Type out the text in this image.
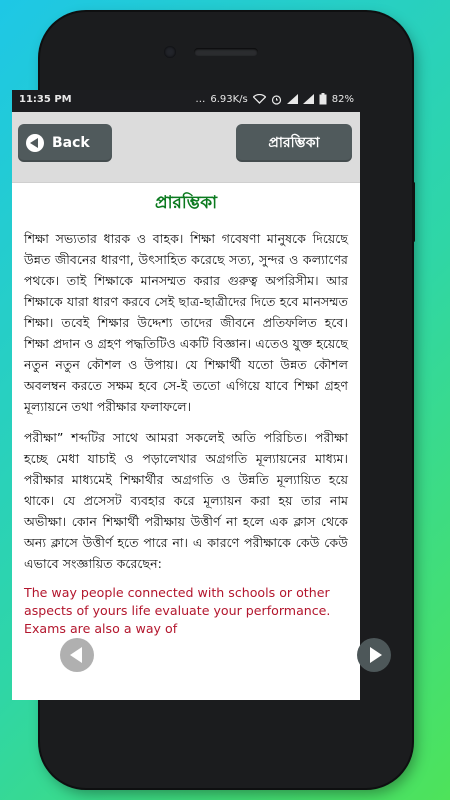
11:35 PM	… 6.93K/s	82%
Back	প্রারম্ভিকা
প্রারম্ভিকা

শিক্ষা সভ্যতার ধারক ও বাহক। শিক্ষা গবেষণা মানুষকে দিয়েছে উন্নত জীবনের ধারণা, উৎসাহিত করেছে সত্য, সুন্দর ও কল্যাণের পথকে। তাই শিক্ষাকে মানসম্মত করার গুরুত্ব অপরিসীম। আর শিক্ষাকে যারা ধারণ করবে সেই ছাত্র-ছাত্রীদের দিতে হবে মানসম্মত শিক্ষা। তবেই শিক্ষার উদ্দেশ্য তাদের জীবনে প্রতিফলিত হবে। শিক্ষা প্রদান ও গ্রহণ পদ্ধতিটিও একটি বিজ্ঞান। এতেও যুক্ত হয়েছে নতুন নতুন কৌশল ও উপায়। যে শিক্ষার্থী যতো উন্নত কৌশল অবলম্বন করতে সক্ষম হবে সে-ই ততো এগিয়ে যাবে শিক্ষা গ্রহণ মূল্যায়নে তথা পরীক্ষার ফলাফলে।

পরীক্ষা” শব্দটির সাথে আমরা সকলেই অতি পরিচিত। পরীক্ষা হচ্ছে মেধা যাচাই ও পড়ালেখার অগ্রগতি মূল্যায়নের মাধ্যম। পরীক্ষার মাধ্যমেই শিক্ষার্থীর অগ্রগতি ও উন্নতি মূল্যায়িত হয়ে থাকে। যে প্রসেসট ব্যবহার করে মূল্যায়ন করা হয় তার নাম অভীক্ষা। কোন শিক্ষার্থী পরীক্ষায় উত্তীর্ণ না হলে এক ক্লাস থেকে অন্য ক্লাসে উত্তীর্ণ হতে পারে না। এ কারণে পরীক্ষাকে কেউ কেউ এভাবে সংজ্ঞায়িত করেছেন:

The way people connected with schools or other aspects of yours life evaluate your performance. Exams are also a way of
